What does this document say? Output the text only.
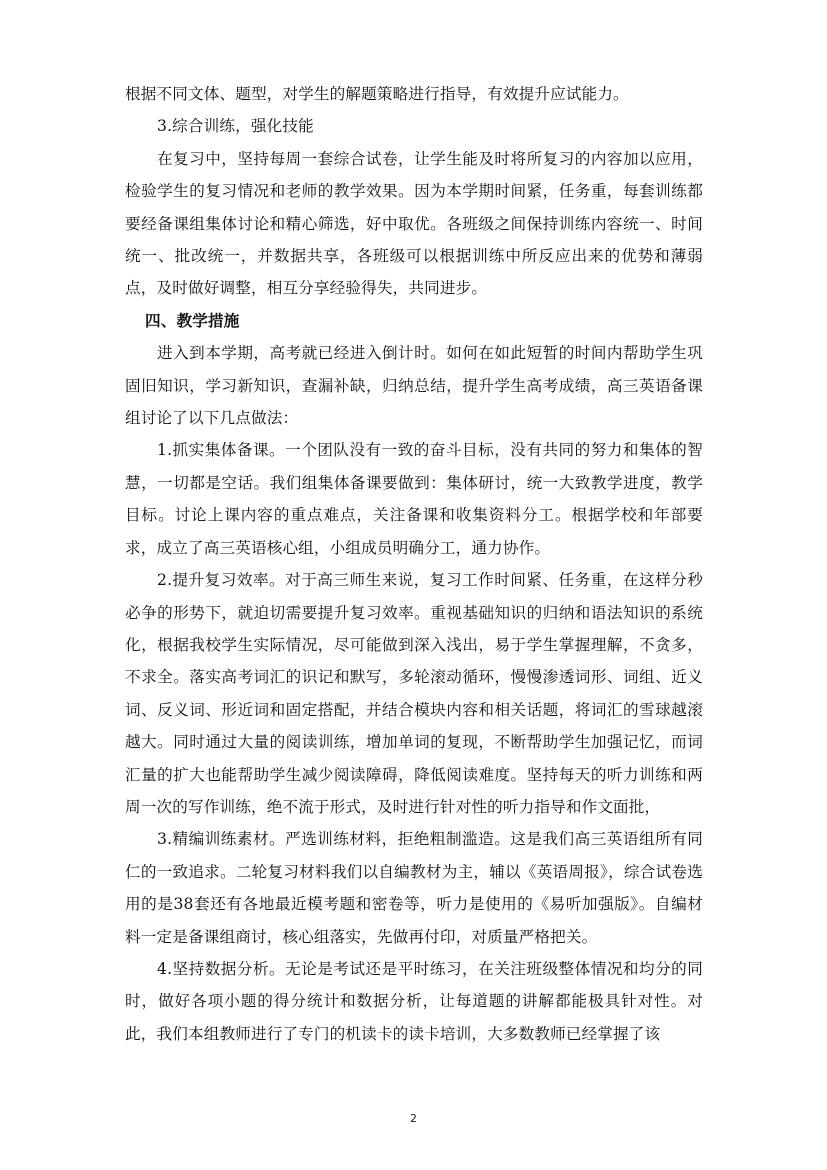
根据不同文体、题型，对学生的解题策略进行指导，有效提升应试能力。

3.综合训练，强化技能

在复习中，坚持每周一套综合试卷，让学生能及时将所复习的内容加以应用，检验学生的复习情况和老师的教学效果。因为本学期时间紧，任务重，每套训练都要经备课组集体讨论和精心筛选，好中取优。各班级之间保持训练内容统一、时间统一、批改统一，并数据共享，各班级可以根据训练中所反应出来的优势和薄弱点，及时做好调整，相互分享经验得失，共同进步。

四、教学措施

进入到本学期，高考就已经进入倒计时。如何在如此短暂的时间内帮助学生巩固旧知识，学习新知识，查漏补缺，归纳总结，提升学生高考成绩，高三英语备课组讨论了以下几点做法：

1.抓实集体备课。一个团队没有一致的奋斗目标，没有共同的努力和集体的智慧，一切都是空话。我们组集体备课要做到：集体研讨，统一大致教学进度，教学目标。讨论上课内容的重点难点，关注备课和收集资料分工。根据学校和年部要求，成立了高三英语核心组，小组成员明确分工，通力协作。

2.提升复习效率。对于高三师生来说，复习工作时间紧、任务重，在这样分秒必争的形势下，就迫切需要提升复习效率。重视基础知识的归纳和语法知识的系统化，根据我校学生实际情况，尽可能做到深入浅出，易于学生掌握理解，不贪多，不求全。落实高考词汇的识记和默写，多轮滚动循环，慢慢渗透词形、词组、近义词、反义词、形近词和固定搭配，并结合模块内容和相关话题，将词汇的雪球越滚越大。同时通过大量的阅读训练，增加单词的复现，不断帮助学生加强记忆，而词汇量的扩大也能帮助学生减少阅读障碍，降低阅读难度。坚持每天的听力训练和两周一次的写作训练，绝不流于形式，及时进行针对性的听力指导和作文面批，

3.精编训练素材。严选训练材料，拒绝粗制滥造。这是我们高三英语组所有同仁的一致追求。二轮复习材料我们以自编教材为主，辅以《英语周报》，综合试卷选用的是38套还有各地最近模考题和密卷等，听力是使用的《易听加强版》。自编材料一定是备课组商讨，核心组落实，先做再付印，对质量严格把关。

4.坚持数据分析。无论是考试还是平时练习，在关注班级整体情况和均分的同时，做好各项小题的得分统计和数据分析，让每道题的讲解都能极具针对性。对此，我们本组教师进行了专门的机读卡的读卡培训，大多数教师已经掌握了该

2
